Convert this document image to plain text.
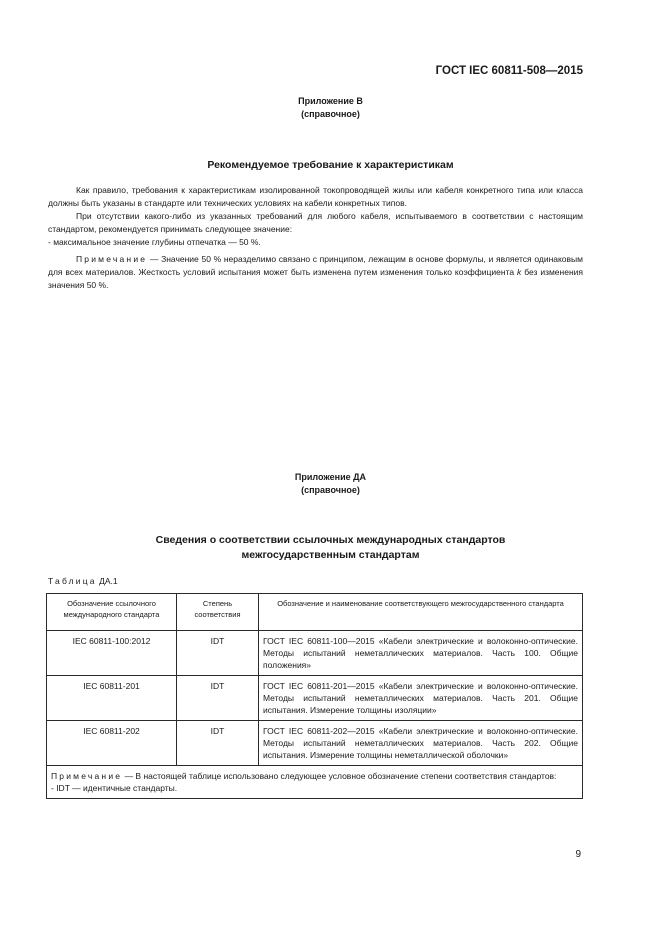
ГОСТ IEC 60811-508—2015
Приложение В
(справочное)
Рекомендуемое требование к характеристикам
Как правило, требования к характеристикам изолированной токопроводящей жилы или кабеля конкретного типа или класса должны быть указаны в стандарте или технических условиях на кабели конкретных типов.
При отсутствии какого-либо из указанных требований для любого кабеля, испытываемого в соответствии с настоящим стандартом, рекомендуется принимать следующее значение:
- максимальное значение глубины отпечатка — 50 %.
Примечание — Значение 50 % неразделимо связано с принципом, лежащим в основе формулы, и является одинаковым для всех материалов. Жесткость условий испытания может быть изменена путем изменения только коэффициента k без изменения значения 50 %.
Приложение ДА
(справочное)
Сведения о соответствии ссылочных международных стандартов
межгосударственным стандартам
Таблица ДА.1
Обозначение ссылочного международного стандарта	Степень соответствия	Обозначение и наименование соответствующего межгосударственного стандарта
IEC 60811-100:2012	IDT	ГОСТ IEC 60811-100—2015 «Кабели электрические и волоконно-оптические. Методы испытаний неметаллических материалов. Часть 100. Общие положения»
IEC 60811-201	IDT	ГОСТ IEC 60811-201—2015 «Кабели электрические и волоконно-оптические. Методы испытаний неметаллических материалов. Часть 201. Общие испытания. Измерение толщины изоляции»
IEC 60811-202	IDT	ГОСТ IEC 60811-202—2015 «Кабели электрические и волоконно-оптические. Методы испытаний неметаллических материалов. Часть 202. Общие испытания. Измерение толщины неметаллической оболочки»

Примечание — В настоящей таблице использовано следующее условное обозначение степени соответствия стандартов:
- IDT — идентичные стандарты.		
9
